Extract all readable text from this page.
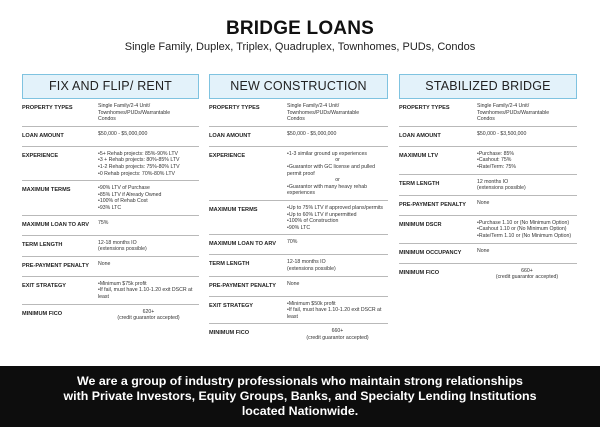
BRIDGE LOANS
Single Family, Duplex, Triplex, Quadruplex, Townhomes, PUDs, Condos
FIX AND FLIP/ RENT
PROPERTY TYPES	Single Family/2-4 Unit/
Townhomes/PUDs/Warrantable
Condos
LOAN AMOUNT	$50,000 - $5,000,000
EXPERIENCE	• 5+ Rehab projects: 85%-90% LTV
• 3 + Rehab projects: 80%-85% LTV
• 1-2 Rehab projects: 75%-80% LTV
• 0 Rehab projects: 70%-80% LTV
MAXIMUM TERMS	• 90% LTV of Purchase
• 85% LTV if Already Owned
• 100% of Rehab Cost
• 93% LTC
MAXIMUM LOAN TO ARV	75%
TERM LENGTH	12-18 months IO
(extensions possible)
PRE-PAYMENT PENALTY	None
EXIT STRATEGY	• Minimum $75k profit
• If fail, must have 1.10-1.20 exit DSCR at least
MINIMUM FICO	620+
(credit guarantor accepted)
NEW CONSTRUCTION
PROPERTY TYPES	Single Family/2-4 Unit/
Townhomes/PUDs/Warrantable
Condos
LOAN AMOUNT	$50,000 - $5,000,000
EXPERIENCE	• 1-3 similar ground up experiences
or
• Guarantor with GC license and pulled permit proof
or
• Guarantor with many heavy rehab experiences
MAXIMUM TERMS	• Up to 75% LTV if approved plans/permits
• Up to 60% LTV if unpermitted
• 100% of Construction
• 90% LTC
MAXIMUM LOAN TO ARV	70%
TERM LENGTH	12-18 months IO
(extensions possible)
PRE-PAYMENT PENALTY	None
EXIT STRATEGY	• Minimum $50k profit
• If fail, must have 1.10-1.20 exit DSCR at least
MINIMUM FICO	660+
(credit guarantor accepted)
STABILIZED BRIDGE
PROPERTY TYPES	Single Family/2-4 Unit/
Townhomes/PUDs/Warrantable
Condos
LOAN AMOUNT	$50,000 - $3,500,000
MAXIMUM LTV	• Purchase: 85%
• Cashout: 75%
• Rate/Term: 75%
TERM LENGTH	12 months IO
(extensions possible)
PRE-PAYMENT PENALTY	None
MINIMUM DSCR	• Purchase 1.10 or (No Minimum Option)
• Cashout 1.10 or (No Minimum Option)
• Rate/Term 1.10 or (No Minimum Option)
MINIMUM OCCUPANCY	None
MINIMUM FICO	660+
(credit guarantor accepted)
We are a group of industry professionals who maintain strong relationships
with Private Investors, Equity Groups, Banks, and Specialty Lending Institutions
located Nationwide.
